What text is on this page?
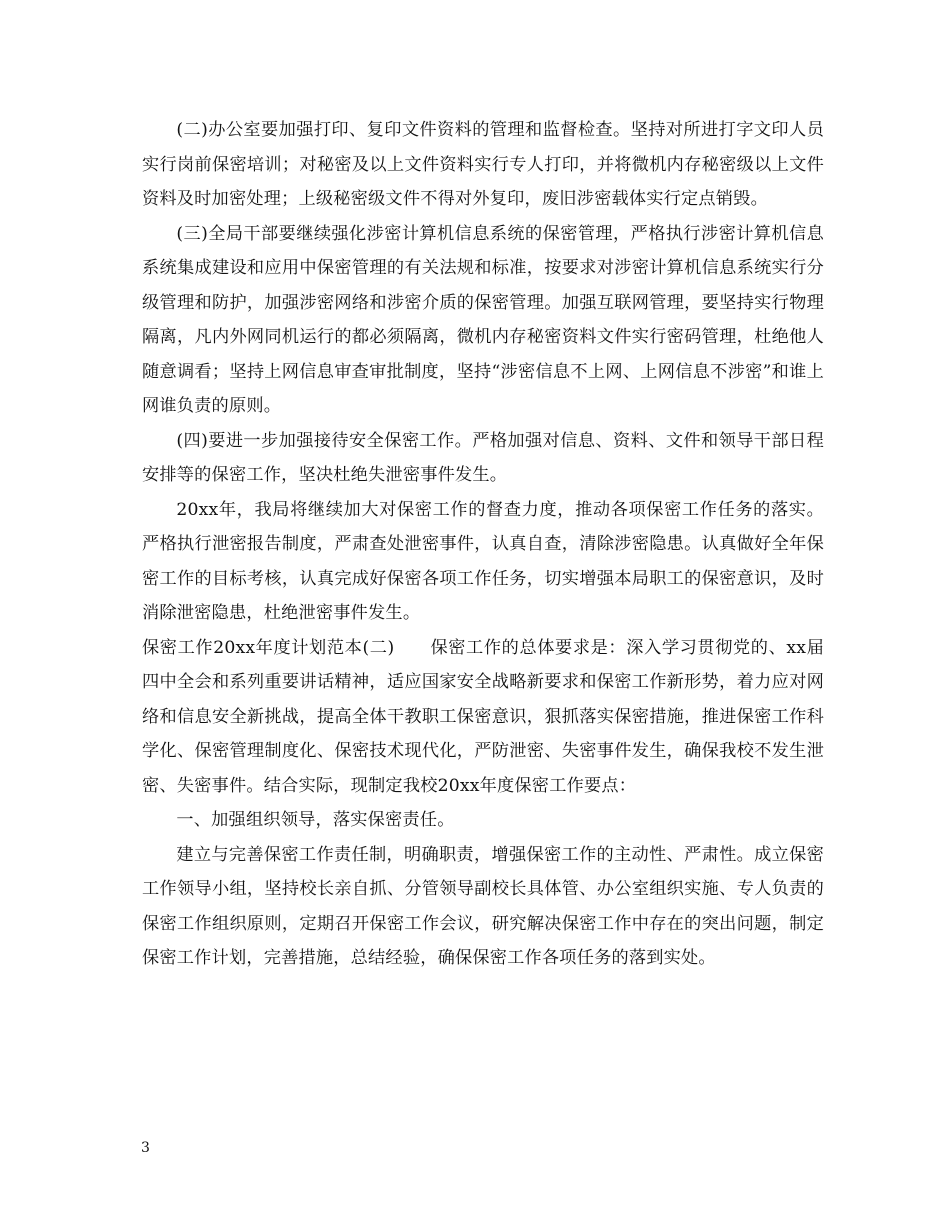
(二)办公室要加强打印、复印文件资料的管理和监督检查。坚持对所进打字文印人员实行岗前保密培训；对秘密及以上文件资料实行专人打印，并将微机内存秘密级以上文件资料及时加密处理；上级秘密级文件不得对外复印，废旧涉密载体实行定点销毁。

(三)全局干部要继续强化涉密计算机信息系统的保密管理，严格执行涉密计算机信息系统集成建设和应用中保密管理的有关法规和标准，按要求对涉密计算机信息系统实行分级管理和防护，加强涉密网络和涉密介质的保密管理。加强互联网管理，要坚持实行物理隔离，凡内外网同机运行的都必须隔离，微机内存秘密资料文件实行密码管理，杜绝他人随意调看；坚持上网信息审查审批制度，坚持“涉密信息不上网、上网信息不涉密”和谁上网谁负责的原则。

(四)要进一步加强接待安全保密工作。严格加强对信息、资料、文件和领导干部日程安排等的保密工作，坚决杜绝失泄密事件发生。

20xx年，我局将继续加大对保密工作的督查力度，推动各项保密工作任务的落实。严格执行泄密报告制度，严肃查处泄密事件，认真自查，清除涉密隐患。认真做好全年保密工作的目标考核，认真完成好保密各项工作任务，切实增强本局职工的保密意识，及时消除泄密隐患，杜绝泄密事件发生。

保密工作20xx年度计划范本(二)　　保密工作的总体要求是：深入学习贯彻党的、xx届四中全会和系列重要讲话精神，适应国家安全战略新要求和保密工作新形势，着力应对网络和信息安全新挑战，提高全体干教职工保密意识，狠抓落实保密措施，推进保密工作科学化、保密管理制度化、保密技术现代化，严防泄密、失密事件发生，确保我校不发生泄密、失密事件。结合实际，现制定我校20xx年度保密工作要点：

一、加强组织领导，落实保密责任。

建立与完善保密工作责任制，明确职责，增强保密工作的主动性、严肃性。成立保密工作领导小组，坚持校长亲自抓、分管领导副校长具体管、办公室组织实施、专人负责的保密工作组织原则，定期召开保密工作会议，研究解决保密工作中存在的突出问题，制定保密工作计划，完善措施，总结经验，确保保密工作各项任务的落到实处。

3
